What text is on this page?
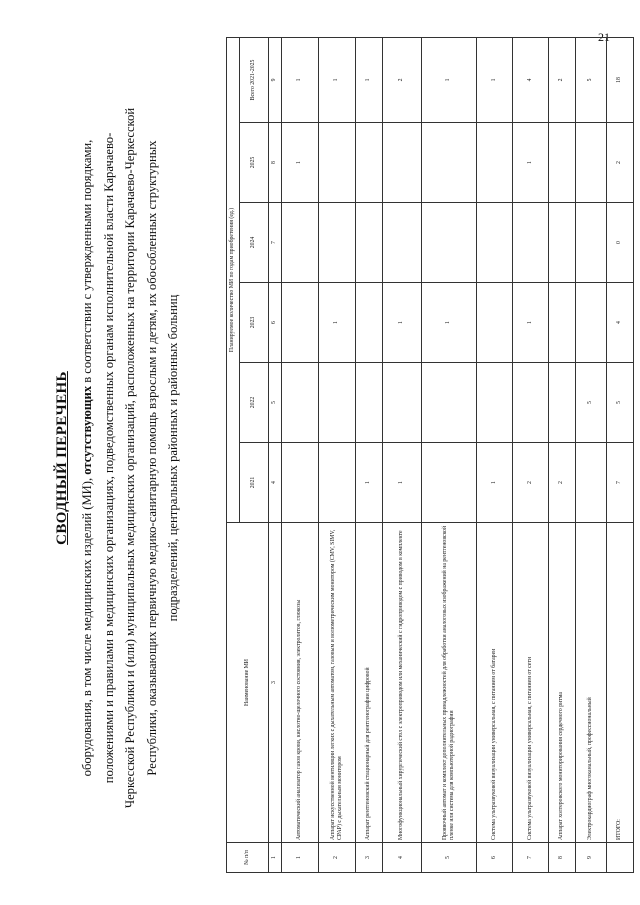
21
СВОДНЫЙ ПЕРЕЧЕНЬ
оборудования, в том числе медицинских изделий (МИ), отсутствующих в соответствии с утвержденными порядками, положениями и правилами в медицинских организациях, подведомственных органам исполнительной власти Карачаево- Черкесской Республики и (или) муниципальных медицинских организаций, расположенных на территории Карачаево-Черкесской Республики, оказывающих первичную медико-санитарную помощь взрослым и детям, их обособленных структурных подразделений, центральных районных и районных больниц
№ п/п	Наименование МИ	Планируемое количество МИ по годам приобретения (ед.)					
		2021	2022	2023	2024	2025	Всего 2021-2025
1	3	4	5	6	7	8	9
1	Автоматический анализатор газов крови, кислотно-щелочного состояния, электролитов, глюкозы					1	1
2	Аппарат искусственной вентиляции легких с дыхательным автоматом, газовым и волюметрическим монитором (CMV, SIMV, CPAP) с дыхательным монитором			1			1
3	Аппарат рентгеновский стационарный для рентгенографии цифровой	1					1
4	Многофункциональный хирургический стол с электроприводом или механический с гидроприводом с приводом в комплекте	1		1			2
5	Проявочный автомат и комплект дополнительных принадлежностей для обработки аналоговых изображений на рентгеновской пленке или система для компьютерной радиографии			1			1
6	Система ультразвуковой визуализации универсальная, с питанием от батареи	1					1
7	Система ультразвуковой визуализации универсальная, с питанием от сети	2		1		1	4
8	Аппарат холтеровского мониторирования сердечного ритма	2					2
9	Электрокардиограф многоканальный, профессиональный		5				5
	ИТОГО:	7	5	4	0	2	18
